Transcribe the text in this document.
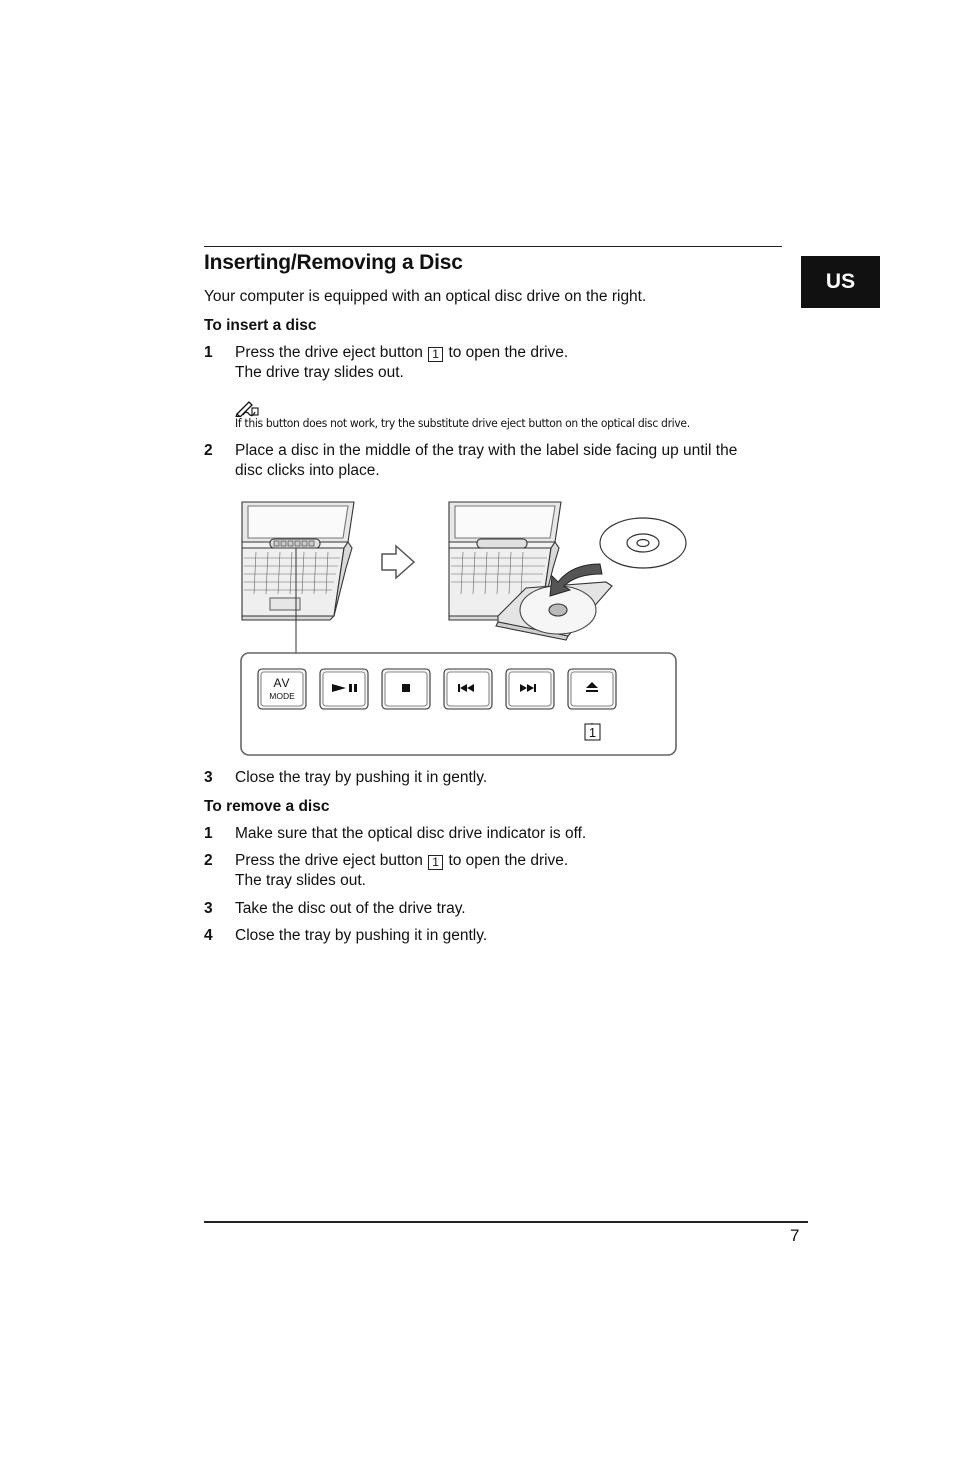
Inserting/Removing a Disc
US
Your computer is equipped with an optical disc drive on the right.
To insert a disc
1 Press the drive eject button 1 to open the drive.
The drive tray slides out.
If this button does not work, try the substitute drive eject button on the optical disc drive.
2 Place a disc in the middle of the tray with the label side facing up until the
disc clicks into place.
AV
MODE
1
3 Close the tray by pushing it in gently.
To remove a disc
1 Make sure that the optical disc drive indicator is off.
2 Press the drive eject button 1 to open the drive.
The tray slides out.
3 Take the disc out of the drive tray.
4 Close the tray by pushing it in gently.
7
